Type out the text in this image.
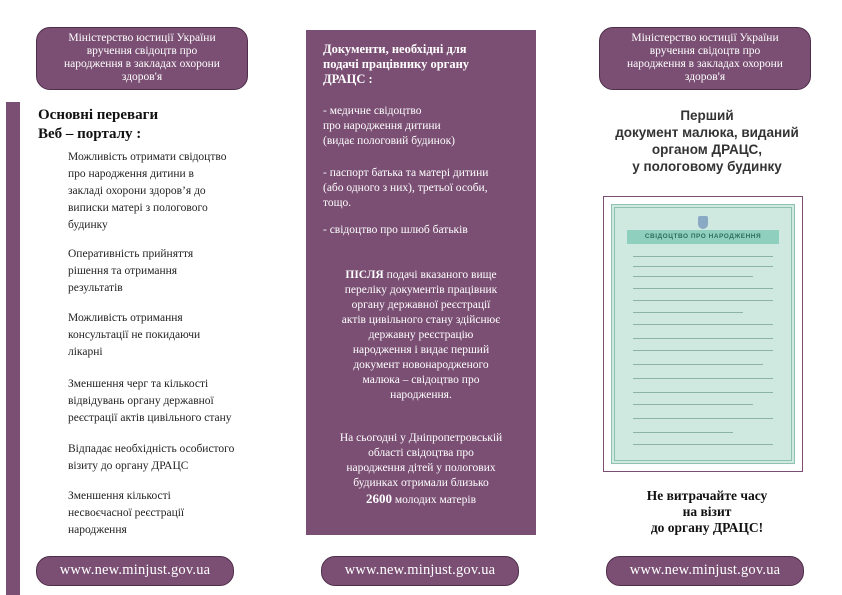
Міністерство юстиції України
вручення свідоцтв про
народження в закладах охорони
здоров'я
Основні переваги
Веб – порталу :
Можливість отримати свідоцтво
про народження дитини в
закладі охорони здоров’я до
виписки матері з пологового
будинку
Оперативність прийняття
рішення та отримання
результатів
Можливість отримання
консультації не покидаючи
лікарні
Зменшення черг та кількості
відвідувань органу державної
реєстрації актів цивільного стану
Відпадає необхідність особистого
візиту до органу ДРАЦС
Зменшення кількості
несвоєчасної реєстрації
народження
www.new.minjust.gov.ua
Документи, необхідні для
подачі працівнику органу
ДРАЦС :
- медичне свідоцтво
про народження дитини
(видає пологовий будинок)
- паспорт батька та матері дитини
(або одного з них), третьої особи,
тощо.
- свідоцтво про шлюб батьків
ПІСЛЯ подачі вказаного вище
переліку документів працівник
органу державної реєстрації
актів цивільного стану здійснює
державну реєстрацію
народження і видає перший
документ новонародженого
малюка – свідоцтво про
народження.
На сьогодні у Дніпропетровській
області свідоцтва про
народження дітей у пологових
будинках отримали близько
2600 молодих матерів
www.new.minjust.gov.ua
Міністерство юстиції України
вручення свідоцтв про
народження в закладах охорони
здоров'я
Перший
документ малюка, виданий
органом ДРАЦС,
у пологовому будинку
СВІДОЦТВО ПРО НАРОДЖЕННЯ
Не витрачайте часу
на візит
до органу ДРАЦС!
www.new.minjust.gov.ua
